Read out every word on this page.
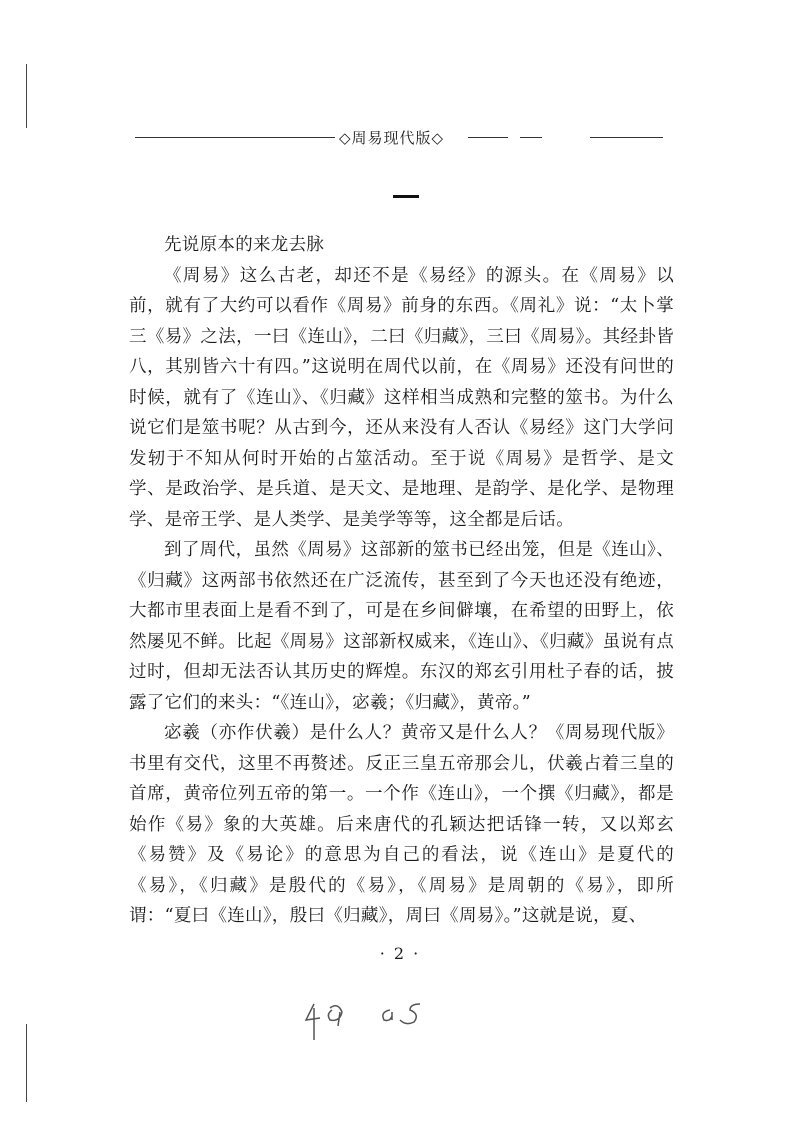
◇周易现代版◇

先说原本的来龙去脉

《周易》这么古老，却还不是《易经》的源头。在《周易》以前，就有了大约可以看作《周易》前身的东西。《周礼》说：“太卜掌三《易》之法，一曰《连山》，二曰《归藏》，三曰《周易》。其经卦皆八，其别皆六十有四。”这说明在周代以前，在《周易》还没有问世的时候，就有了《连山》、《归藏》这样相当成熟和完整的筮书。为什么说它们是筮书呢？从古到今，还从来没有人否认《易经》这门大学问发轫于不知从何时开始的占筮活动。至于说《周易》是哲学、是文学、是政治学、是兵道、是天文、是地理、是韵学、是化学、是物理学、是帝王学、是人类学、是美学等等，这全都是后话。

到了周代，虽然《周易》这部新的筮书已经出笼，但是《连山》、《归藏》这两部书依然还在广泛流传，甚至到了今天也还没有绝迹，大都市里表面上是看不到了，可是在乡间僻壤，在希望的田野上，依然屡见不鲜。比起《周易》这部新权威来，《连山》、《归藏》虽说有点过时，但却无法否认其历史的辉煌。东汉的郑玄引用杜子春的话，披露了它们的来头：“《连山》，宓羲；《归藏》，黄帝。”

宓羲（亦作伏羲）是什么人？黄帝又是什么人？《周易现代版》书里有交代，这里不再赘述。反正三皇五帝那会儿，伏羲占着三皇的首席，黄帝位列五帝的第一。一个作《连山》，一个撰《归藏》，都是始作《易》象的大英雄。后来唐代的孔颖达把话锋一转，又以郑玄《易赞》及《易论》的意思为自己的看法，说《连山》是夏代的《易》，《归藏》是殷代的《易》，《周易》是周朝的《易》，即所谓：“夏曰《连山》，殷曰《归藏》，周曰《周易》。”这就是说，夏、

· 2 ·
